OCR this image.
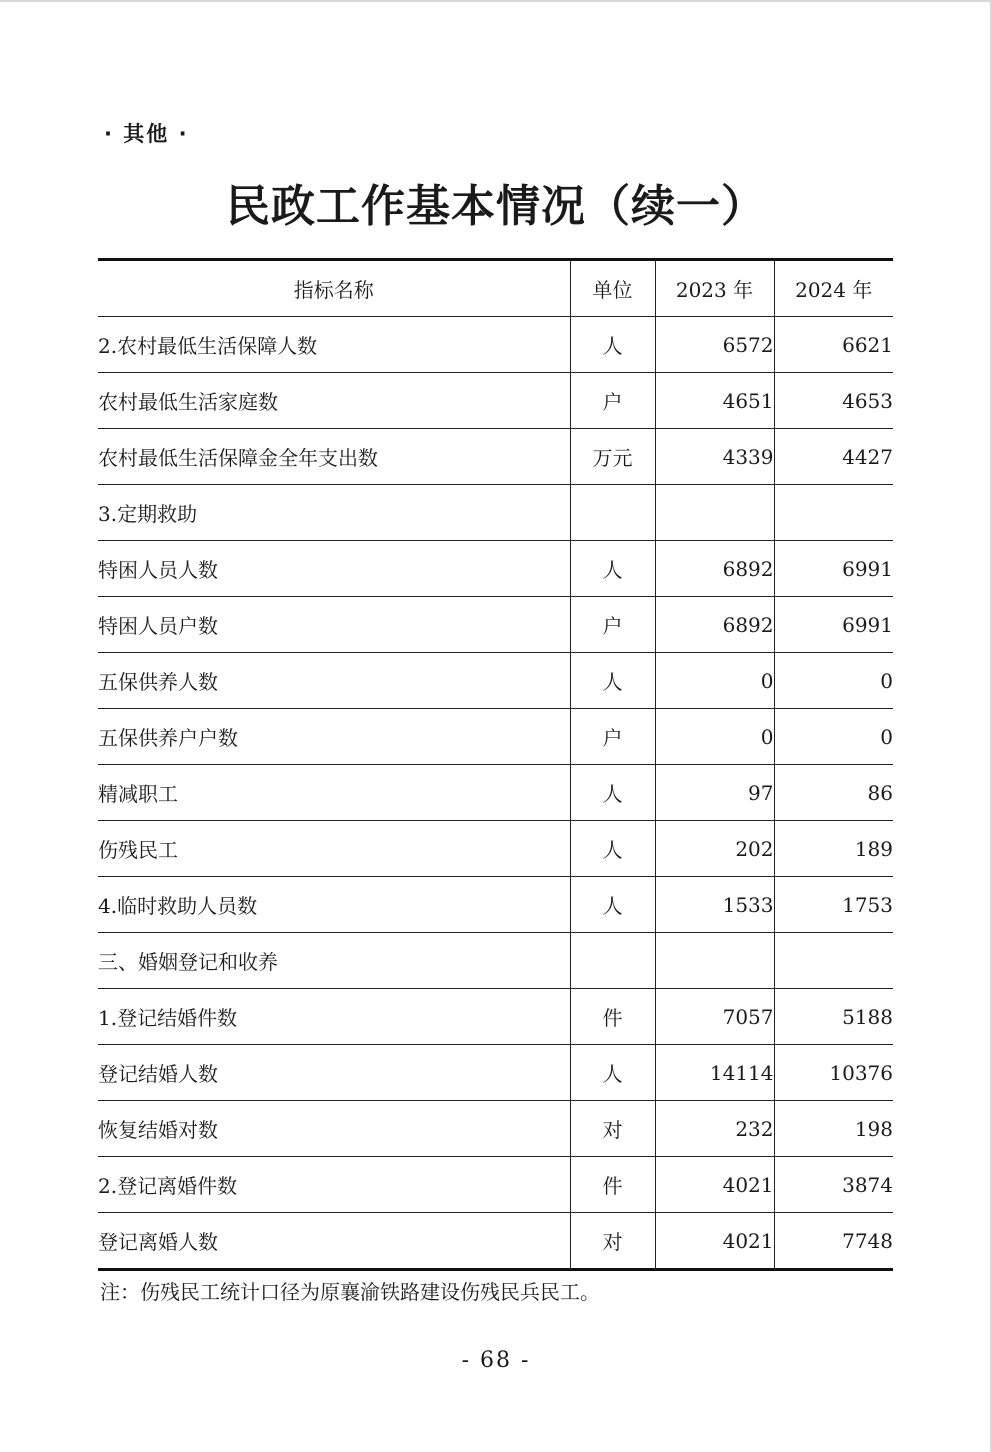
· 其他 ·
民政工作基本情况（续一）
指标名称	单位	2023 年	2024 年
2.农村最低生活保障人数	人	6572	6621
农村最低生活家庭数	户	4651	4653
农村最低生活保障金全年支出数	万元	4339	4427
3.定期救助			
特困人员人数	人	6892	6991
特困人员户数	户	6892	6991
五保供养人数	人	0	0
五保供养户户数	户	0	0
精减职工	人	97	86
伤残民工	人	202	189
4.临时救助人员数	人	1533	1753
三、婚姻登记和收养			
1.登记结婚件数	件	7057	5188
登记结婚人数	人	14114	10376
恢复结婚对数	对	232	198
2.登记离婚件数	件	4021	3874
登记离婚人数	对	4021	7748
注：伤残民工统计口径为原襄渝铁路建设伤残民兵民工。
- 68 -
